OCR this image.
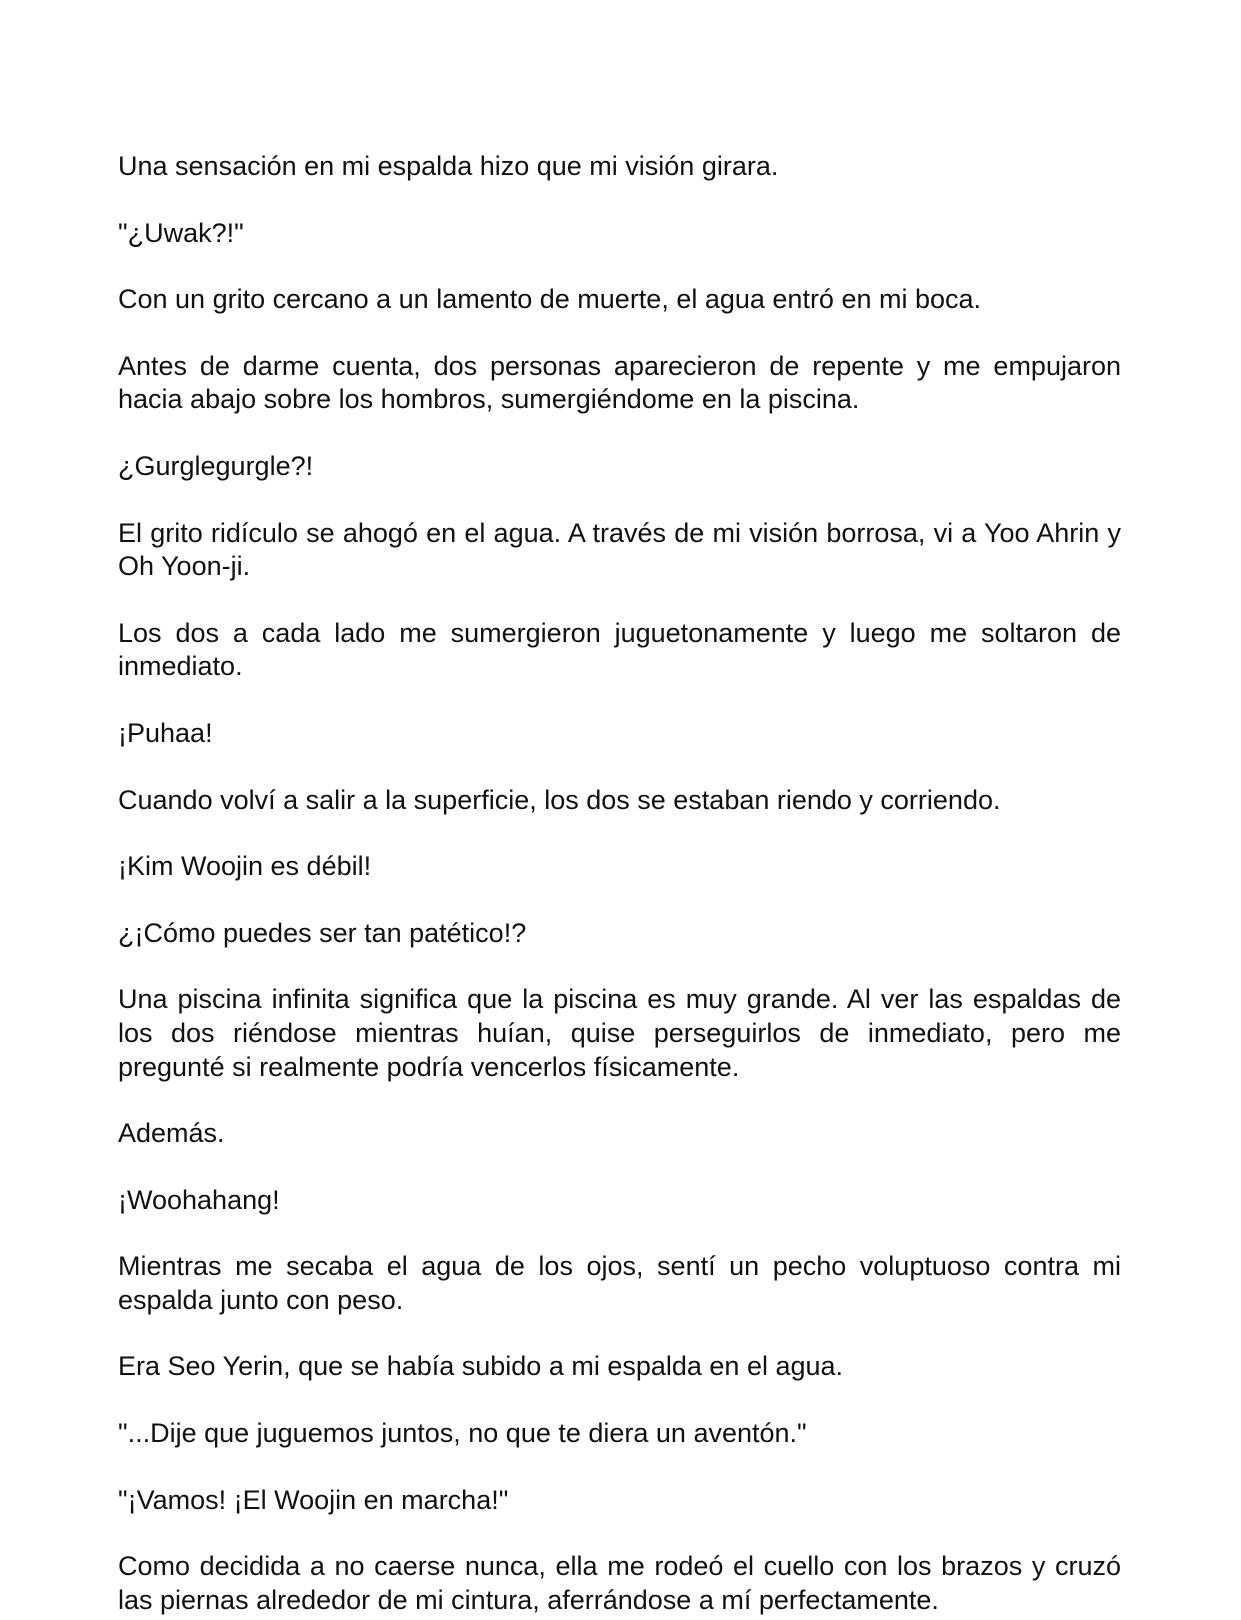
Una sensación en mi espalda hizo que mi visión girara.

"¿Uwak?!"

Con un grito cercano a un lamento de muerte, el agua entró en mi boca.

Antes de darme cuenta, dos personas aparecieron de repente y me empujaron hacia abajo sobre los hombros, sumergiéndome en la piscina.

¿Gurglegurgle?!

El grito ridículo se ahogó en el agua. A través de mi visión borrosa, vi a Yoo Ahrin y Oh Yoon-ji.

Los dos a cada lado me sumergieron juguetonamente y luego me soltaron de inmediato.

¡Puhaa!

Cuando volví a salir a la superficie, los dos se estaban riendo y corriendo.

¡Kim Woojin es débil!

¿¡Cómo puedes ser tan patético!?

Una piscina infinita significa que la piscina es muy grande. Al ver las espaldas de los dos riéndose mientras huían, quise perseguirlos de inmediato, pero me pregunté si realmente podría vencerlos físicamente.

Además.

¡Woohahang!

Mientras me secaba el agua de los ojos, sentí un pecho voluptuoso contra mi espalda junto con peso.

Era Seo Yerin, que se había subido a mi espalda en el agua.

"...Dije que juguemos juntos, no que te diera un aventón."

"¡Vamos! ¡El Woojin en marcha!"

Como decidida a no caerse nunca, ella me rodeó el cuello con los brazos y cruzó las piernas alrededor de mi cintura, aferrándose a mí perfectamente.
